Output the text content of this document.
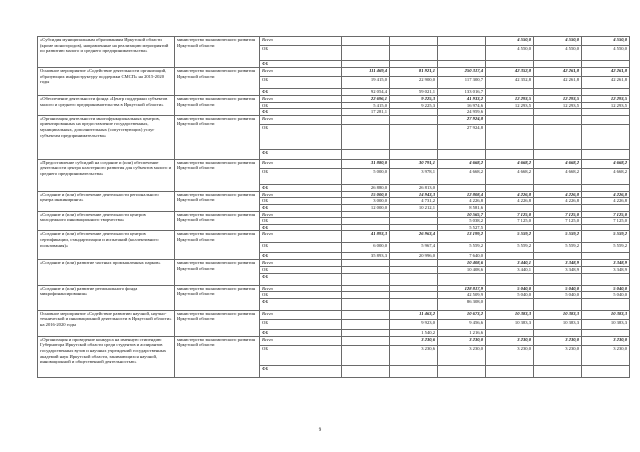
«Субсидия муниципальным образованиям Иркутской области (кроме моногородов), направленные на реализацию мероприятий по развитию малого и среднего предпринимательства»	министерство экономического развития Иркутской области	Всего				4 550,0	4 550,0	4 550,0
		ОБ				4 550,0	4 550,0	4 550,0
		ФБ						
Основное мероприятие «Содействие деятельности организаций, образующих инфраструктуру поддержки СМСП» на 2015-2020 годы	министерство экономического развития Иркутской области	Всего	111 469,4	81 921,1	250 317,4	42 352,8	42 261,8	42 261,8
		ОБ	19 415,0	22 900,0	117 300,7	42 352,8	42 261,8	42 261,8
		ФБ	92 054,4	59 021,1	133 016,7			
«Обеспечение деятельности фонда «Центр поддержки субъектов малого и среднего предпринимательства в Иркутской области»	министерство экономического развития Иркутской области	Всего	22 696,1	9 225,3	41 933,2	12 293,5	12 293,5	12 293,5
		ОБ	5 415,0	9 225,3	16 974,6	12 293,5	12 293,5	12 293,5
		ФБ	17 281,1		24 959,6			
«Организация деятельности многофункциональных центров, ориентированных на предоставление государственных, муниципальных, дополнительных (сопутствующих) услуг субъектам предпринимательства»	министерство экономического развития Иркутской области	Всего			27 924,8			
		ОБ			27 924,8			
		ФБ						
«Предоставление субсидий на создание и (или) обеспечение деятельности центра кластерного развития для субъектов малого и среднего предпринимательства»	министерство экономического развития Иркутской области	Всего	31 880,0	30 791,1	4 668,2	4 668,2	4 668,2	4 668,2
		ОБ	5 000,0	3 978,1	4 668,2	4 668,2	4 668,2	4 668,2
		ФБ	26 880,0	26 813,0				
«Создание и (или) обеспечение деятельности регионального центра инжиниринга»	министерство экономического развития Иркутской области	Всего	15 000,0	14 943,3	12 808,4	4 226,8	4 226,8	4 226,8
		ОБ	3 000,0	4 731,2	4 226,8	4 226,8	4 226,8	4 226,8
		ФБ	12 000,0	10 212,1	8 581,6			
«Создание и (или) обеспечение деятельности центров молодежного инновационного творчества»	министерство экономического развития Иркутской области	Всего			10 565,7	7 125,0	7 125,0	7 125,0
		ОБ			5 038,2	7 125,0	7 125,0	7 125,0
		ФБ			5 527,5			
«Создание и (или) обеспечение деятельности центров сертификации, стандартизации и испытаний (коллективного пользования)»	министерство экономического развития Иркутской области	Всего	41 893,3	26 963,4	13 199,2	5 559,2	5 559,2	5 559,2
		ОБ	6 000,0	5 967,4	5 559,2	5 559,2	5 559,2	5 559,2
		ФБ	35 893,3	20 996,0	7 640,0			
«Создание и (или) развитие частных промышленных парков»	министерство экономического развития Иркутской области	Всего			10 408,6	3 440,1	3 348,9	3 348,9
		ОБ			10 408,6	3 440,1	3 348,9	3 348,9
		ФБ						
«Создание и (или) развитие регионального фонда микрофинансирования»	министерство экономического развития Иркутской области	Всего			128 817,9	5 040,0	5 040,0	5 040,0
		ОБ			42 509,9	5 040,0	5 040,0	5 040,0
		ФБ			86 308,0			
Основное мероприятие «Содействие развитию научной, научно-технической и инновационной деятельности в Иркутской области» на 2016-2020 годы	министерство экономического развития Иркутской области	Всего		11 463,2	10 673,2	10 383,3	10 383,3	10 383,3
		ОБ		9 923,0	9 456,6	10 383,3	10 383,3	10 383,3
		ФБ		1 540,2	1 216,6			
«Организация и проведение конкурса на именную стипендию Губернатора Иркутской области среди студентов и аспирантов государственных вузов и научных учреждений государственных академий наук Иркутской области, занимающихся научной, инновационной и общественной деятельностью»	министерство экономического развития Иркутской области	Всего		3 230,6	3 230,0	3 230,0	3 230,0	3 230,0
		ОБ		3 230,6	3 230,0	3 230,0	3 230,0	3 230,0
		ФБ						
9
